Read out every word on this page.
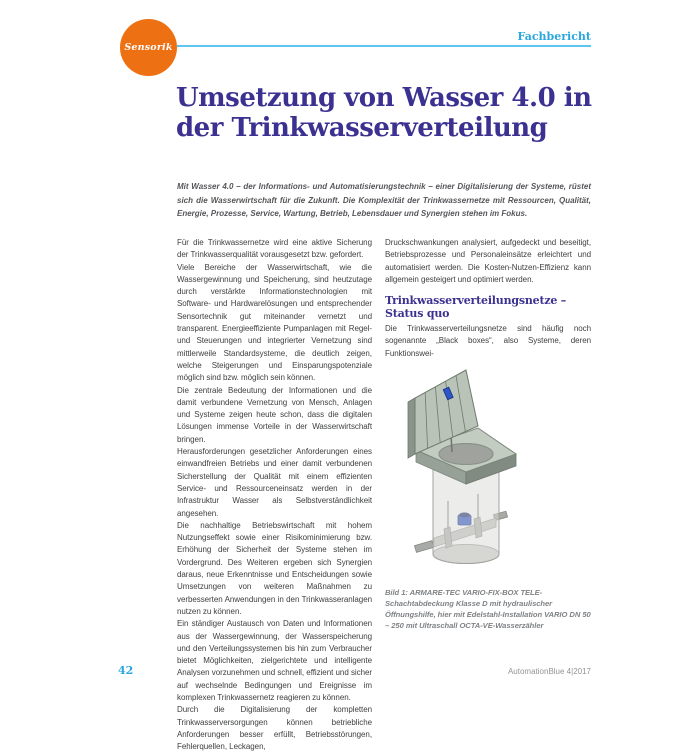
Sensorik
Fachbericht
Umsetzung von Wasser 4.0 in
der Trinkwasserverteilung

Mit Wasser 4.0 – der Informations- und Automatisierungstechnik – einer Digitalisierung der Systeme, rüstet sich die Wasserwirtschaft für die Zukunft. Die Komplexität der Trinkwassernetze mit Ressourcen, Qualität, Energie, Prozesse, Service, Wartung, Betrieb, Lebensdauer und Synergien stehen im Fokus.

Für die Trinkwassernetze wird eine aktive Sicherung der Trinkwasserqualität vorausgesetzt bzw. gefordert.

Viele Bereiche der Wasserwirtschaft, wie die Wassergewinnung und Speicherung, sind heutzutage durch verstärkte Informationstechnologien mit Software- und Hardwarelösungen und entsprechender Sensortechnik gut miteinander vernetzt und transparent. Energieeffiziente Pumpanlagen mit Regel- und Steuerungen und integrierter Vernetzung sind mittlerweile Standardsysteme, die deutlich zeigen, welche Steigerungen und Einsparungspotenziale möglich sind bzw. möglich sein können.

Die zentrale Bedeutung der Informationen und die damit verbundene Vernetzung von Mensch, Anlagen und Systeme zeigen heute schon, dass die digitalen Lösungen immense Vorteile in der Wasserwirtschaft bringen.

Herausforderungen gesetzlicher Anforderungen eines einwandfreien Betriebs und einer damit verbundenen Sicherstellung der Qualität mit einem effizienten Service- und Ressourceneinsatz werden in der Infrastruktur Wasser als Selbstverständlichkeit angesehen.

Die nachhaltige Betriebswirtschaft mit hohem Nutzungseffekt sowie einer Risikominimierung bzw. Erhöhung der Sicherheit der Systeme stehen im Vordergrund. Des Weiteren ergeben sich Synergien daraus, neue Erkenntnisse und Entscheidungen sowie Umsetzungen von weiteren Maßnahmen zu verbesserten Anwendungen in den Trinkwasseranlagen nutzen zu können.

Ein ständiger Austausch von Daten und Informationen aus der Wassergewinnung, der Wasserspeicherung und den Verteilungssystemen bis hin zum Verbraucher bietet Möglichkeiten, zielgerichtete und intelligente Analysen vorzunehmen und schnell, effizient und sicher auf wechselnde Bedingungen und Ereignisse im komplexen Trinkwassernetz reagieren zu können.

Durch die Digitalisierung der kompletten Trinkwasserversorgungen können betriebliche Anforderungen besser erfüllt, Betriebsstörungen, Fehlerquellen, Leckagen,

Druckschwankungen analysiert, aufgedeckt und beseitigt, Betriebsprozesse und Personaleinsätze erleichtert und automatisiert werden. Die Kosten-Nutzen-Effizienz kann allgemein gesteigert und optimiert werden.

Trinkwasserverteilungsnetze – Status quo

Die Trinkwasserverteilungsnetze sind häufig noch sogenannte „Black boxes“, also Systeme, deren Funktionswei-

Bild 1: ARMARE-TEC VARIO-FIX-BOX TELE-Schachtabdeckung Klasse D mit hydraulischer Öffnungshilfe, hier mit Edelstahl-Installation VARIO DN 50 – 250 mit Ultraschall OCTA-VE-Wasserzähler
42	AutomationBlue 4|2017
